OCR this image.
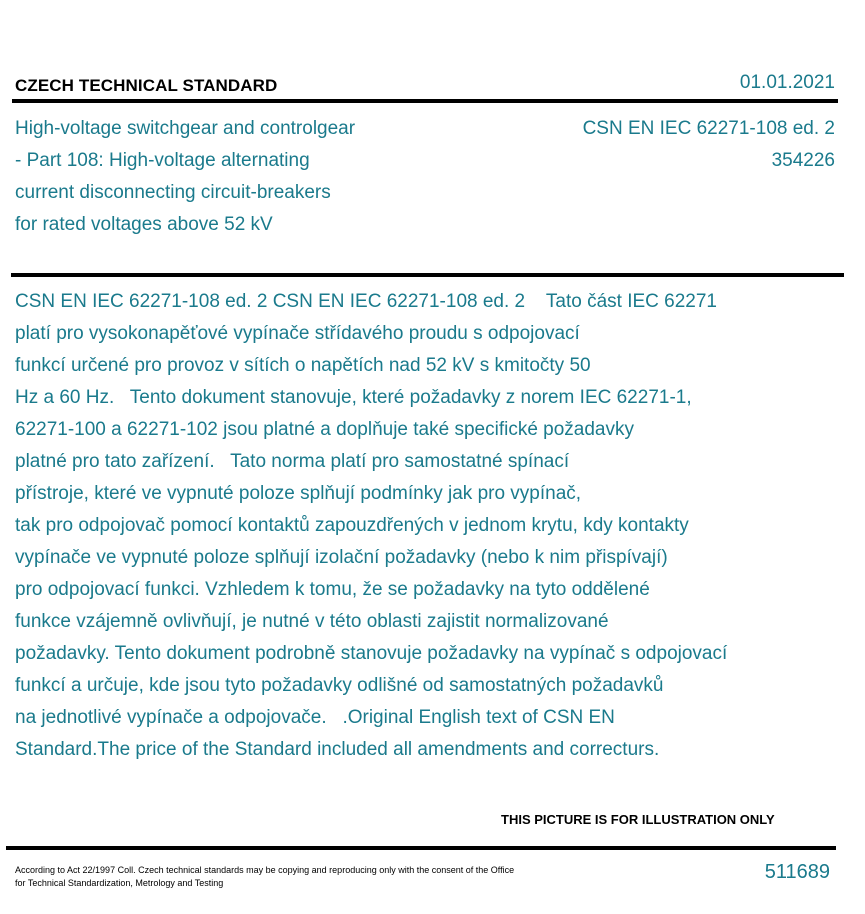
CZECH TECHNICAL STANDARD	01.01.2021
High-voltage switchgear and controlgear
- Part 108: High-voltage alternating
current disconnecting circuit-breakers
for rated voltages above 52 kV
CSN EN IEC 62271-108 ed. 2
354226
CSN EN IEC 62271-108 ed. 2 CSN EN IEC 62271-108 ed. 2    Tato část IEC 62271
platí pro vysokonapěťové vypínače střídavého proudu s odpojovací
funkcí určené pro provoz v sítích o napětích nad 52 kV s kmitočty 50
Hz a 60 Hz.   Tento dokument stanovuje, které požadavky z norem IEC 62271-1,
62271-100 a 62271-102 jsou platné a doplňuje také specifické požadavky
platné pro tato zařízení.   Tato norma platí pro samostatné spínací
přístroje, které ve vypnuté poloze splňují podmínky jak pro vypínač,
tak pro odpojovač pomocí kontaktů zapouzdřených v jednom krytu, kdy kontakty
vypínače ve vypnuté poloze splňují izolační požadavky (nebo k nim přispívají)
pro odpojovací funkci. Vzhledem k tomu, že se požadavky na tyto oddělené
funkce vzájemně ovlivňují, je nutné v této oblasti zajistit normalizované
požadavky. Tento dokument podrobně stanovuje požadavky na vypínač s odpojovací
funkcí a určuje, kde jsou tyto požadavky odlišné od samostatných požadavků
na jednotlivé vypínače a odpojovače.   .Original English text of CSN EN
Standard.The price of the Standard included all amendments and correcturs.
THIS PICTURE IS FOR ILLUSTRATION ONLY
According to Act 22/1997 Coll. Czech technical standards may be copying and reproducing only with the consent of the Office
for Technical Standardization, Metrology and Testing	511689
